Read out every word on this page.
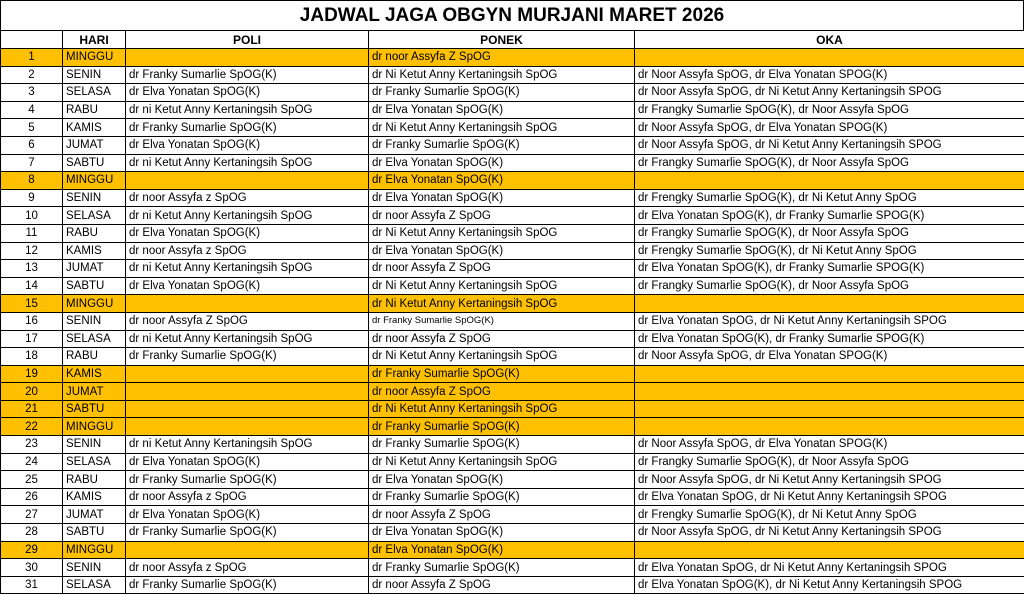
JADWAL JAGA OBGYN MURJANI MARET 2026
	HARI	POLI	PONEK	OKA
1	MINGGU		dr noor Assyfa Z SpOG	
2	SENIN	dr Franky Sumarlie SpOG(K)	dr Ni Ketut Anny Kertaningsih SpOG	dr Noor Assyfa SpOG, dr Elva Yonatan SPOG(K)
3	SELASA	dr Elva Yonatan SpOG(K)	dr Franky Sumarlie SpOG(K)	dr Noor Assyfa SpOG, dr Ni Ketut Anny Kertaningsih SPOG
4	RABU	dr ni Ketut Anny Kertaningsih SpOG	dr Elva Yonatan SpOG(K)	dr Frangky Sumarlie SpOG(K), dr Noor Assyfa SpOG
5	KAMIS	dr Franky Sumarlie SpOG(K)	dr Ni Ketut Anny Kertaningsih SpOG	dr Noor Assyfa SpOG, dr Elva Yonatan SPOG(K)
6	JUMAT	dr Elva Yonatan SpOG(K)	dr Franky Sumarlie SpOG(K)	dr Noor Assyfa SpOG, dr Ni Ketut Anny Kertaningsih SPOG
7	SABTU	dr ni Ketut Anny Kertaningsih SpOG	dr Elva Yonatan SpOG(K)	dr Frangky Sumarlie SpOG(K), dr Noor Assyfa SpOG
8	MINGGU		dr Elva Yonatan SpOG(K)	
9	SENIN	dr noor Assyfa z SpOG	dr Elva Yonatan SpOG(K)	dr Frengky Sumarlie SpOG(K), dr Ni Ketut Anny SpOG
10	SELASA	dr ni Ketut Anny Kertaningsih SpOG	dr noor Assyfa Z SpOG	dr Elva Yonatan SpOG(K), dr Franky Sumarlie SPOG(K)
11	RABU	dr Elva Yonatan SpOG(K)	dr Ni Ketut Anny Kertaningsih SpOG	dr Frangky Sumarlie SpOG(K), dr Noor Assyfa SpOG
12	KAMIS	dr noor Assyfa z SpOG	dr Elva Yonatan SpOG(K)	dr Frengky Sumarlie SpOG(K), dr Ni Ketut Anny SpOG
13	JUMAT	dr ni Ketut Anny Kertaningsih SpOG	dr noor Assyfa Z SpOG	dr Elva Yonatan SpOG(K), dr Franky Sumarlie SPOG(K)
14	SABTU	dr Elva Yonatan SpOG(K)	dr Ni Ketut Anny Kertaningsih SpOG	dr Frangky Sumarlie SpOG(K), dr Noor Assyfa SpOG
15	MINGGU		dr Ni Ketut Anny Kertaningsih SpOG	
16	SENIN	dr noor Assyfa Z SpOG	dr Franky Sumarlie SpOG(K)	dr Elva Yonatan SpOG, dr Ni Ketut Anny Kertaningsih SPOG
17	SELASA	dr ni Ketut Anny Kertaningsih SpOG	dr noor Assyfa Z SpOG	dr Elva Yonatan SpOG(K), dr Franky Sumarlie SPOG(K)
18	RABU	dr Franky Sumarlie SpOG(K)	dr Ni Ketut Anny Kertaningsih SpOG	dr Noor Assyfa SpOG, dr Elva Yonatan SPOG(K)
19	KAMIS		dr Franky Sumarlie SpOG(K)	
20	JUMAT		dr noor Assyfa Z SpOG	
21	SABTU		dr Ni Ketut Anny Kertaningsih SpOG	
22	MINGGU		dr Franky Sumarlie SpOG(K)	
23	SENIN	dr ni Ketut Anny Kertaningsih SpOG	dr Franky Sumarlie SpOG(K)	dr Noor Assyfa SpOG, dr Elva Yonatan SPOG(K)
24	SELASA	dr Elva Yonatan SpOG(K)	dr Ni Ketut Anny Kertaningsih SpOG	dr Frangky Sumarlie SpOG(K), dr Noor Assyfa SpOG
25	RABU	dr Franky Sumarlie SpOG(K)	dr Elva Yonatan SpOG(K)	dr Noor Assyfa SpOG, dr Ni Ketut Anny Kertaningsih SPOG
26	KAMIS	dr noor Assyfa z SpOG	dr Franky Sumarlie SpOG(K)	dr Elva Yonatan SpOG, dr Ni Ketut Anny Kertaningsih SPOG
27	JUMAT	dr Elva Yonatan SpOG(K)	dr noor Assyfa Z SpOG	dr Frengky Sumarlie SpOG(K), dr Ni Ketut Anny SpOG
28	SABTU	dr Franky Sumarlie SpOG(K)	dr Elva Yonatan SpOG(K)	dr Noor Assyfa SpOG, dr Ni Ketut Anny Kertaningsih SPOG
29	MINGGU		dr Elva Yonatan SpOG(K)	
30	SENIN	dr noor Assyfa z SpOG	dr Franky Sumarlie SpOG(K)	dr Elva Yonatan SpOG, dr Ni Ketut Anny Kertaningsih SPOG
31	SELASA	dr Franky Sumarlie SpOG(K)	dr noor Assyfa Z SpOG	dr Elva Yonatan SpOG(K), dr Ni Ketut Anny Kertaningsih SPOG
